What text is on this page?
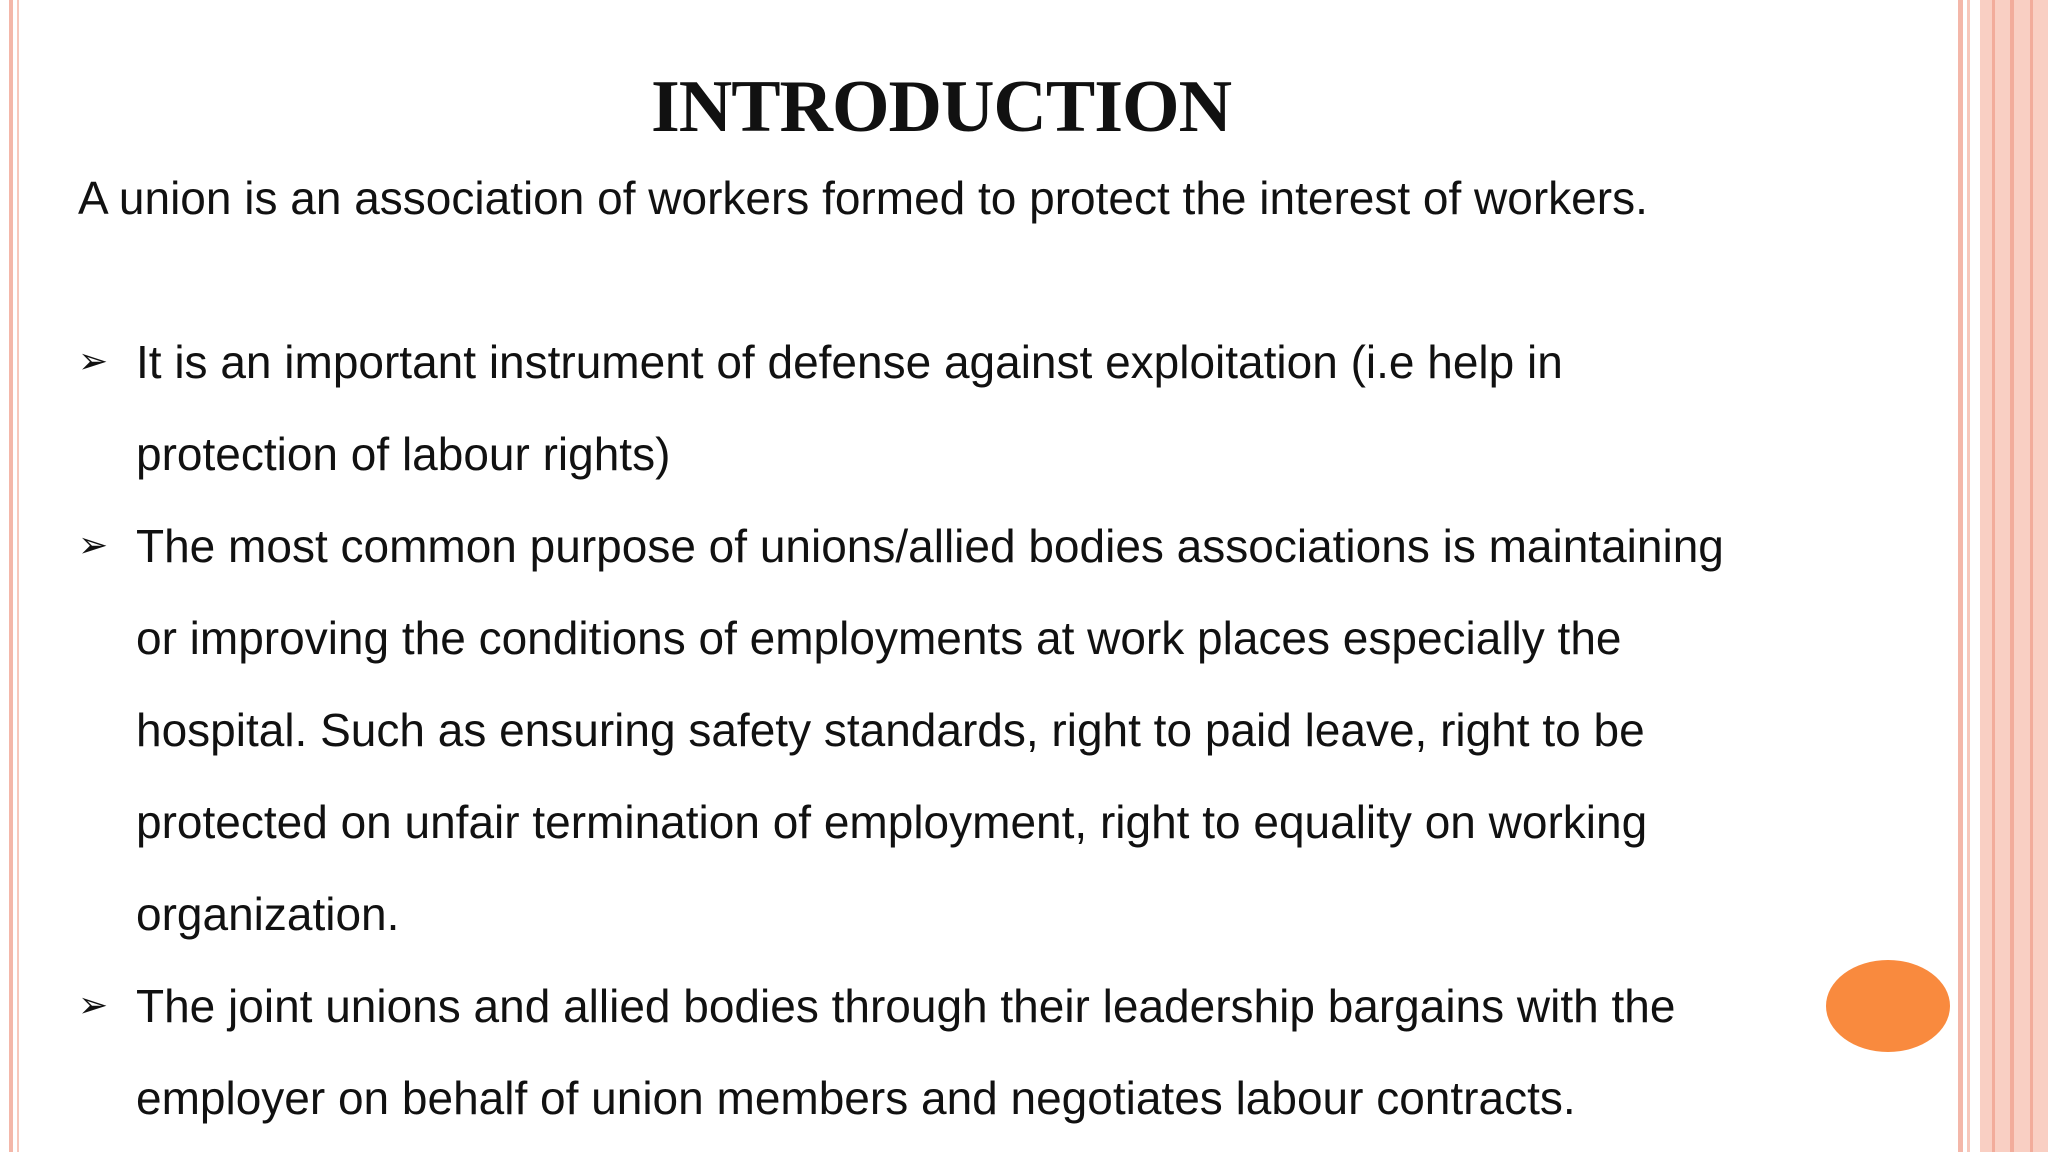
INTRODUCTION
A union is an association of workers formed to protect the interest of workers.
➢ It is an important instrument of defense against exploitation (i.e help in
protection of labour rights)
➢ The most common purpose of unions/allied bodies associations is maintaining
or improving the conditions of employments at work places especially the
hospital. Such as ensuring safety standards, right to paid leave, right to be
protected on unfair termination of employment, right to equality on working
organization.
➢ The joint unions and allied bodies through their leadership bargains with the
employer on behalf of union members and negotiates labour contracts.
